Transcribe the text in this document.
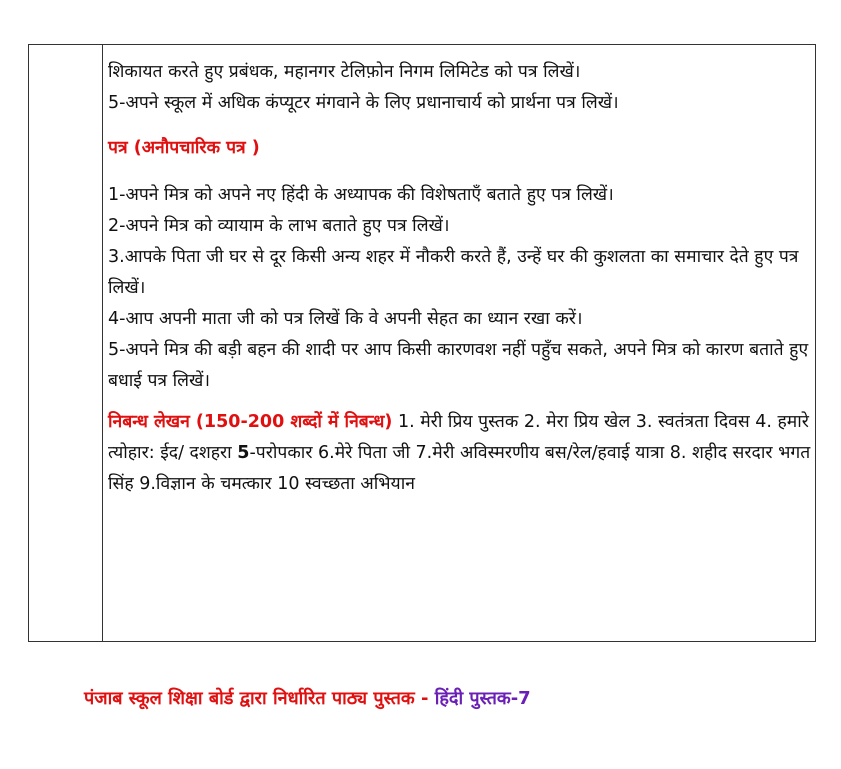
शिकायत करते हुए प्रबंधक, महानगर टेलिफ़ोन निगम लिमिटेड को पत्र लिखें।

5-अपने स्कूल में अधिक कंप्यूटर मंगवाने के लिए प्रधानाचार्य को प्रार्थना पत्र लिखें।

पत्र (अनौपचारिक पत्र )

1-अपने मित्र को अपने नए हिंदी के अध्यापक की विशेषताएँ बताते हुए पत्र लिखें।

2-अपने मित्र को व्यायाम के लाभ बताते हुए पत्र लिखें।

3.आपके पिता जी घर से दूर किसी अन्य शहर में नौकरी करते हैं, उन्हें घर की कुशलता का समाचार देते हुए पत्र लिखें।

4-आप अपनी माता जी को पत्र लिखें कि वे अपनी सेहत का ध्यान रखा करें।

5-अपने मित्र की बड़ी बहन की शादी पर आप किसी कारणवश नहीं पहुँच सकते, अपने मित्र को कारण बताते हुए बधाई पत्र लिखें।

निबन्ध लेखन (150-200 शब्दों में निबन्ध) 1. मेरी प्रिय पुस्तक 2. मेरा प्रिय खेल 3. स्वतंत्रता दिवस 4. हमारे त्योहार: ईद/ दशहरा 5-परोपकार 6.मेरे पिता जी 7.मेरी अविस्मरणीय बस/रेल/हवाई यात्रा 8. शहीद सरदार भगत सिंह 9.विज्ञान के चमत्कार 10 स्वच्छता अभियान

पंजाब स्कूल शिक्षा बोर्ड द्वारा निर्धारित पाठ्य पुस्तक - हिंदी पुस्तक-7
